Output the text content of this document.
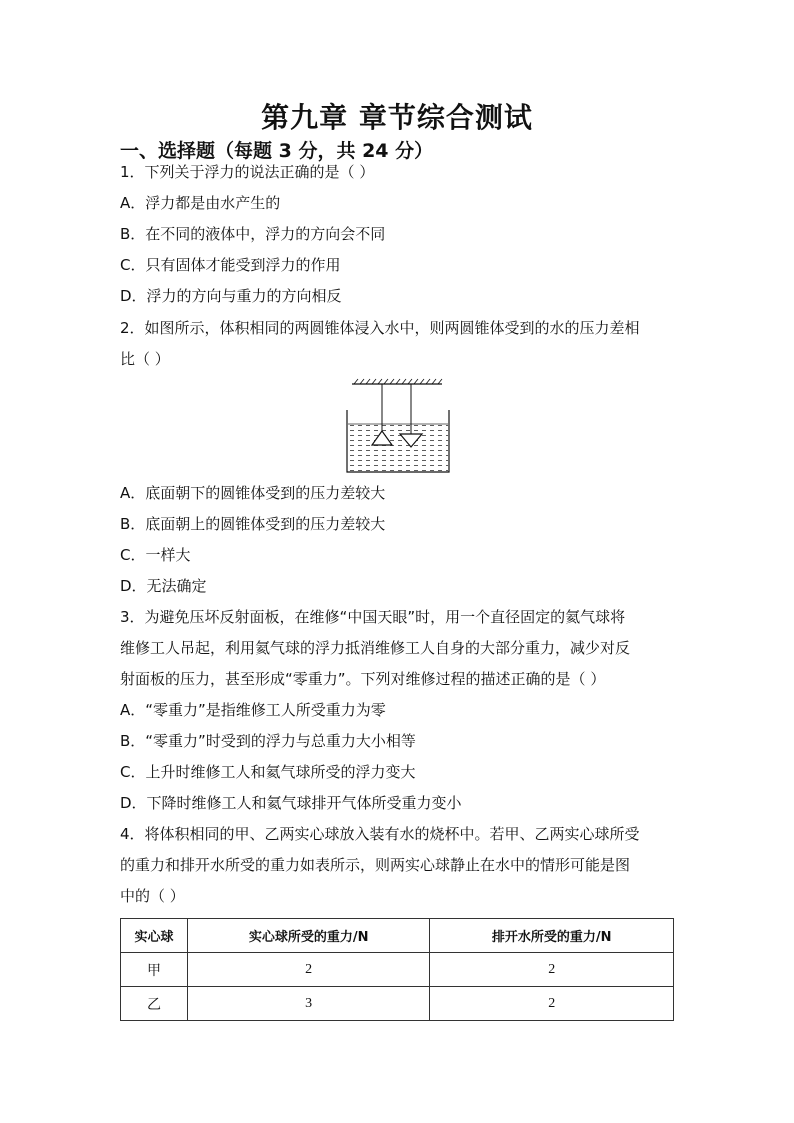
第九章 章节综合测试
一、选择题（每题 3 分，共 24 分）
1．下列关于浮力的说法正确的是（ ）
A．浮力都是由水产生的
B．在不同的液体中，浮力的方向会不同
C．只有固体才能受到浮力的作用
D．浮力的方向与重力的方向相反
2．如图所示，体积相同的两圆锥体浸入水中，则两圆锥体受到的水的压力差相
比（ ）
A．底面朝下的圆锥体受到的压力差较大
B．底面朝上的圆锥体受到的压力差较大
C．一样大
D．无法确定
3．为避免压坏反射面板，在维修“中国天眼”时，用一个直径固定的氦气球将
维修工人吊起，利用氦气球的浮力抵消维修工人自身的大部分重力，减少对反
射面板的压力，甚至形成“零重力”。下列对维修过程的描述正确的是（ ）
A．“零重力”是指维修工人所受重力为零
B．“零重力”时受到的浮力与总重力大小相等
C．上升时维修工人和氦气球所受的浮力变大
D．下降时维修工人和氦气球排开气体所受重力变小
4．将体积相同的甲、乙两实心球放入装有水的烧杯中。若甲、乙两实心球所受
的重力和排开水所受的重力如表所示，则两实心球静止在水中的情形可能是图
中的（ ）
实心球	实心球所受的重力/N	排开水所受的重力/N
甲	2	2
乙	3	2
